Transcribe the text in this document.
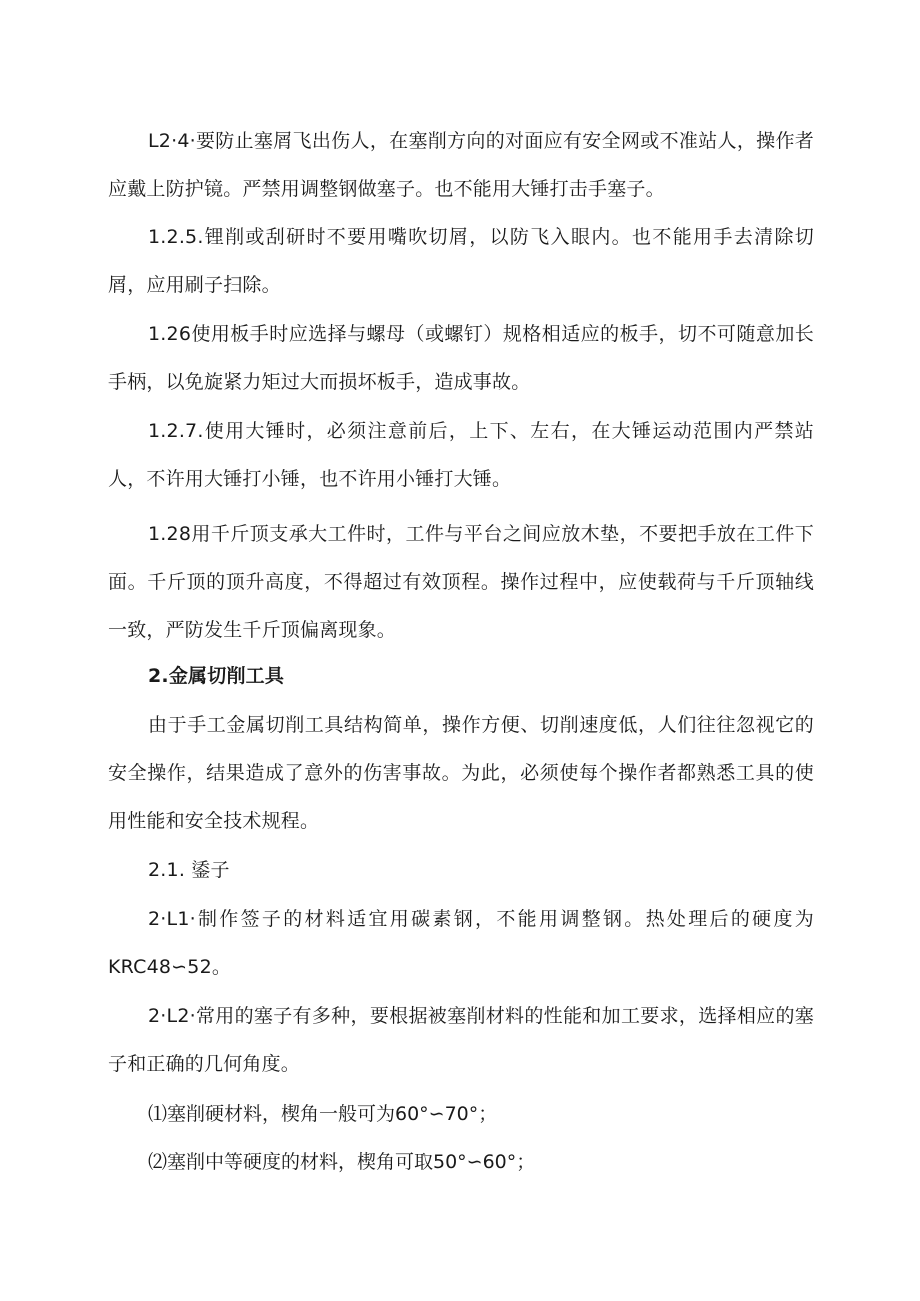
L2·4·要防止塞屑飞出伤人，在塞削方向的对面应有安全网或不准站人，操作者应戴上防护镜。严禁用调整钢做塞子。也不能用大锤打击手塞子。

1.2.5.锂削或刮研时不要用嘴吹切屑，以防飞入眼内。也不能用手去清除切屑，应用刷子扫除。

1.26使用板手时应选择与螺母（或螺钉）规格相适应的板手，切不可随意加长手柄，以免旋紧力矩过大而损坏板手，造成事故。

1.2.7.使用大锤时，必须注意前后，上下、左右，在大锤运动范围内严禁站人，不许用大锤打小锤，也不许用小锤打大锤。

1.28用千斤顶支承大工件时，工件与平台之间应放木垫，不要把手放在工件下面。千斤顶的顶升高度，不得超过有效顶程。操作过程中，应使载荷与千斤顶轴线一致，严防发生千斤顶偏离现象。

2.金属切削工具

由于手工金属切削工具结构简单，操作方便、切削速度低，人们往往忽视它的安全操作，结果造成了意外的伤害事故。为此，必须使每个操作者都熟悉工具的使用性能和安全技术规程。

2.1. 鋈子

2·L1·制作签子的材料适宜用碳素钢，不能用调整钢。热处理后的硬度为KRC48∽52。

2·L2·常用的塞子有多种，要根据被塞削材料的性能和加工要求，选择相应的塞子和正确的几何角度。

⑴塞削硬材料，楔角一般可为60°∽70°；

⑵塞削中等硬度的材料，楔角可取50°∽60°；
